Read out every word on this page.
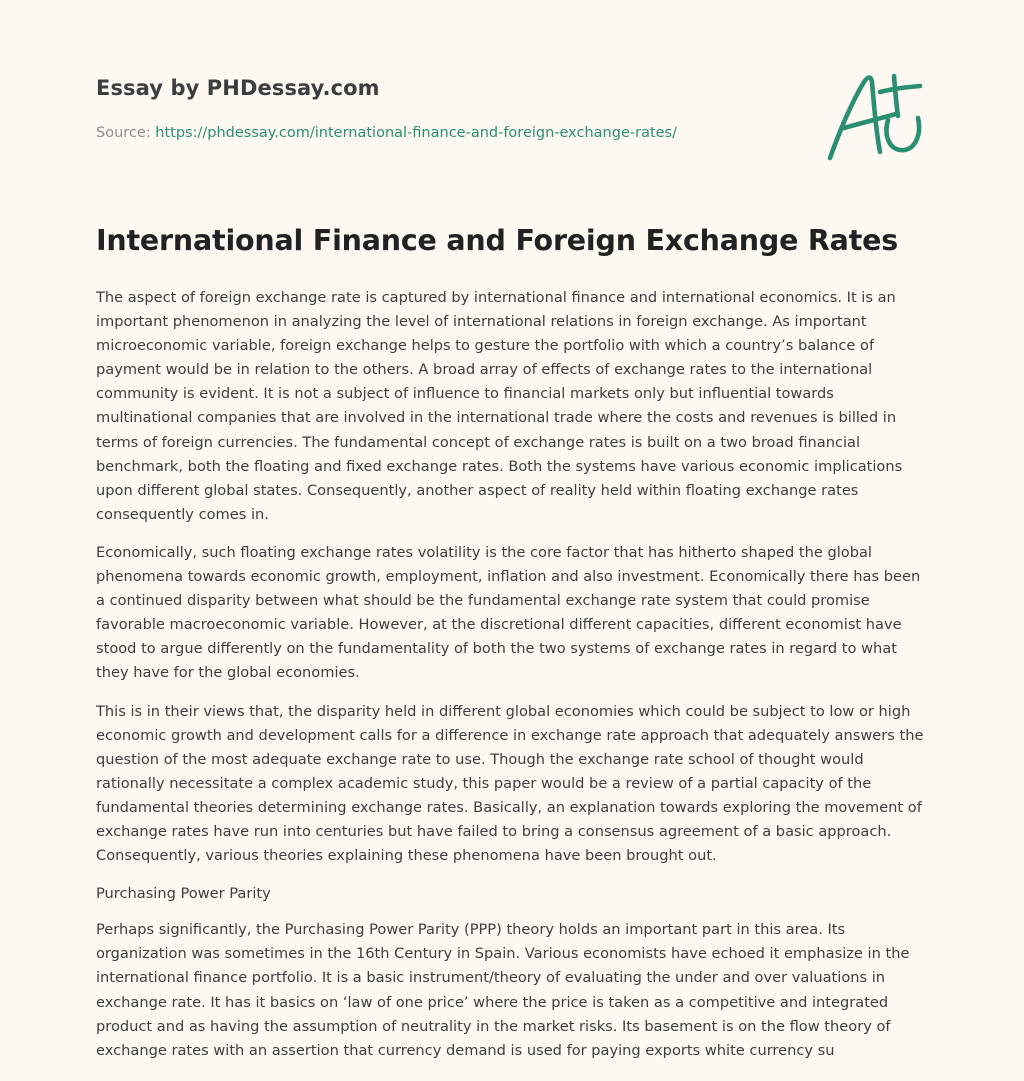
Essay by PHDessay.com
Source: https://phdessay.com/international-finance-and-foreign-exchange-rates/
International Finance and Foreign Exchange Rates

The aspect of foreign exchange rate is captured by international finance and international economics. It is an important phenomenon in analyzing the level of international relations in foreign exchange. As important microeconomic variable, foreign exchange helps to gesture the portfolio with which a country’s balance of payment would be in relation to the others. A broad array of effects of exchange rates to the international community is evident. It is not a subject of influence to financial markets only but influential towards multinational companies that are involved in the international trade where the costs and revenues is billed in terms of foreign currencies. The fundamental concept of exchange rates is built on a two broad financial benchmark, both the floating and fixed exchange rates. Both the systems have various economic implications upon different global states. Consequently, another aspect of reality held within floating exchange rates consequently comes in.

Economically, such floating exchange rates volatility is the core factor that has hitherto shaped the global phenomena towards economic growth, employment, inflation and also investment. Economically there has been a continued disparity between what should be the fundamental exchange rate system that could promise favorable macroeconomic variable. However, at the discretional different capacities, different economist have stood to argue differently on the fundamentality of both the two systems of exchange rates in regard to what they have for the global economies.

This is in their views that, the disparity held in different global economies which could be subject to low or high economic growth and development calls for a difference in exchange rate approach that adequately answers the question of the most adequate exchange rate to use. Though the exchange rate school of thought would rationally necessitate a complex academic study, this paper would be a review of a partial capacity of the fundamental theories determining exchange rates. Basically, an explanation towards exploring the movement of exchange rates have run into centuries but have failed to bring a consensus agreement of a basic approach. Consequently, various theories explaining these phenomena have been brought out.

Purchasing Power Parity

Perhaps significantly, the Purchasing Power Parity (PPP) theory holds an important part in this area. Its organization was sometimes in the 16th Century in Spain. Various economists have echoed it emphasize in the international finance portfolio. It is a basic instrument/theory of evaluating the under and over valuations in exchange rate. It has it basics on ‘law of one price’ where the price is taken as a competitive and integrated product and as having the assumption of neutrality in the market risks. Its basement is on the flow theory of exchange rates with an assertion that currency demand is used for paying exports white currency su
